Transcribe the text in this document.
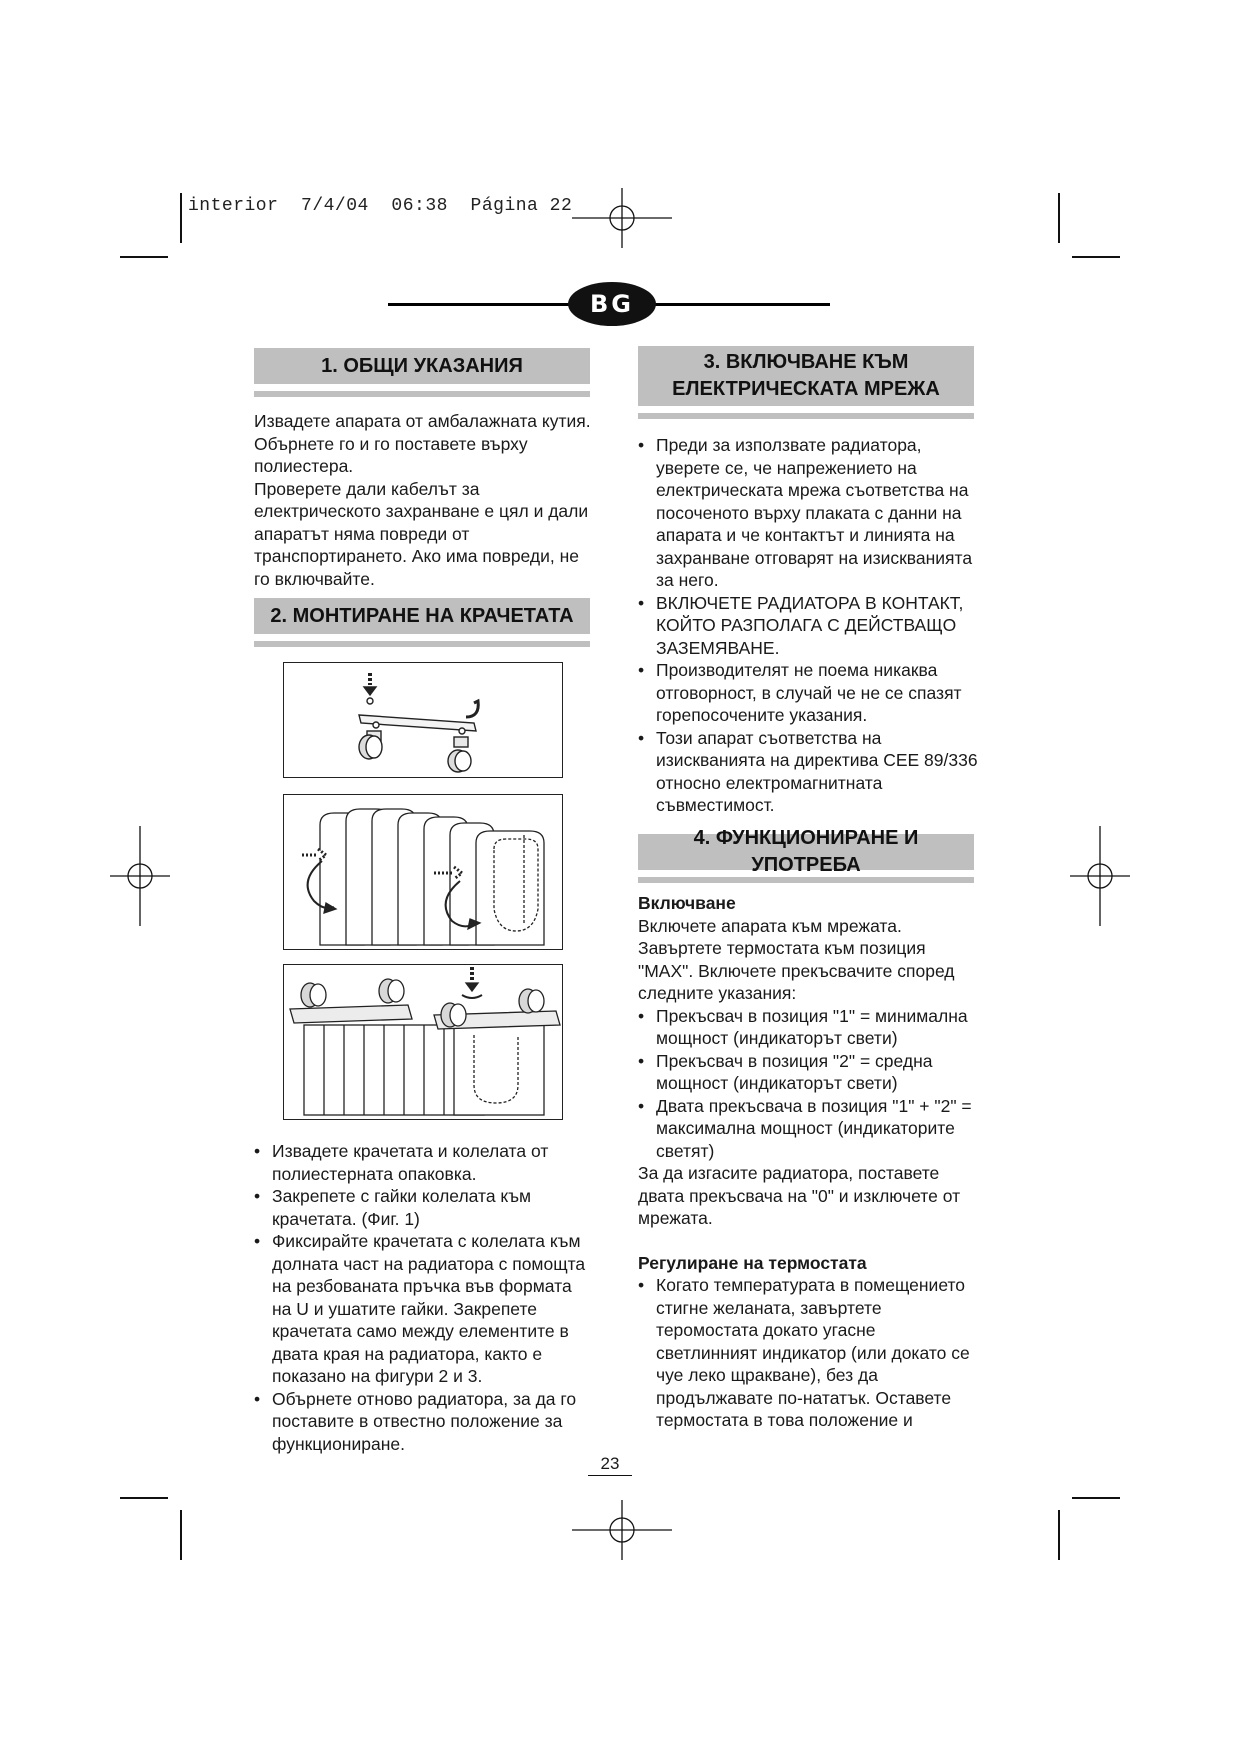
interior  7/4/04  06:38  Página 22
BG
1. ОБЩИ УКАЗАНИЯ

Извадете апарата от амбалажната кутия. Обърнете го и го поставете върху полиестера.

Проверете дали кабелът за електрическото захранване е цял и дали апаратът няма повреди от транспортирането. Ако има повреди, не го включвайте.

2. МОНТИРАНЕ НА КРАЧЕТАТА
• Извадете крачетата и колелата от полиестерната опаковка.
• Закрепете с гайки колелата към крачетата. (Фиг. 1)
• Фиксирайте крачетата с колелата към долната част на радиатора с помощта на резбованата пръчка във формата на U и ушатите гайки. Закрепете крачетата само между елементите в двата края на радиатора, както е показано на фигури 2 и 3.
• Обърнете отново радиатора, за да го поставите в отвестно положение за функциониране.
3. ВКЛЮЧВАНЕ КЪМ
ЕЛЕКТРИЧЕСКАТА МРЕЖА
• Преди за използвате радиатора, уверете се, че напрежението на електрическата мрежа съответства на посоченото върху плаката с данни на апарата и че контактът и линията на захранване отговарят на изискванията за него.
• ВКЛЮЧЕТЕ РАДИАТОРА В КОНТАКТ, КОЙТО РАЗПОЛАГА С ДЕЙСТВАЩО ЗАЗЕМЯВАНЕ.
• Производителят не поема никаква отговорност, в случай че не се спазят горепосочените указания.
• Този апарат съответства на изискванията на директива CEE 89/336 относно електромагнитната съвместимост.
4. ФУНКЦИОНИРАНЕ И УПОТРЕБА

Включване

Включете апарата към мрежата. Завъртете термостата към позиция "MAX". Включете прекъсвачите според следните указания:

• Прекъсвач в позиция "1" = минимална мощност (индикаторът свети)
• Прекъсвач в позиция "2" = средна мощност (индикаторът свети)
• Двата прекъсвача в позиция "1" + "2" = максимална мощност (индикаторите светят)

За да изгасите радиатора, поставете двата прекъсвача на "0" и изключете от мрежата.

Регулиране на термостата

• Когато температурата в помещението стигне желаната, завъртете теромостата докато угасне светлинният индикатор (или докато се чуе леко щракване), без да продължавате по-нататък. Оставете термостата в това положение и
23
